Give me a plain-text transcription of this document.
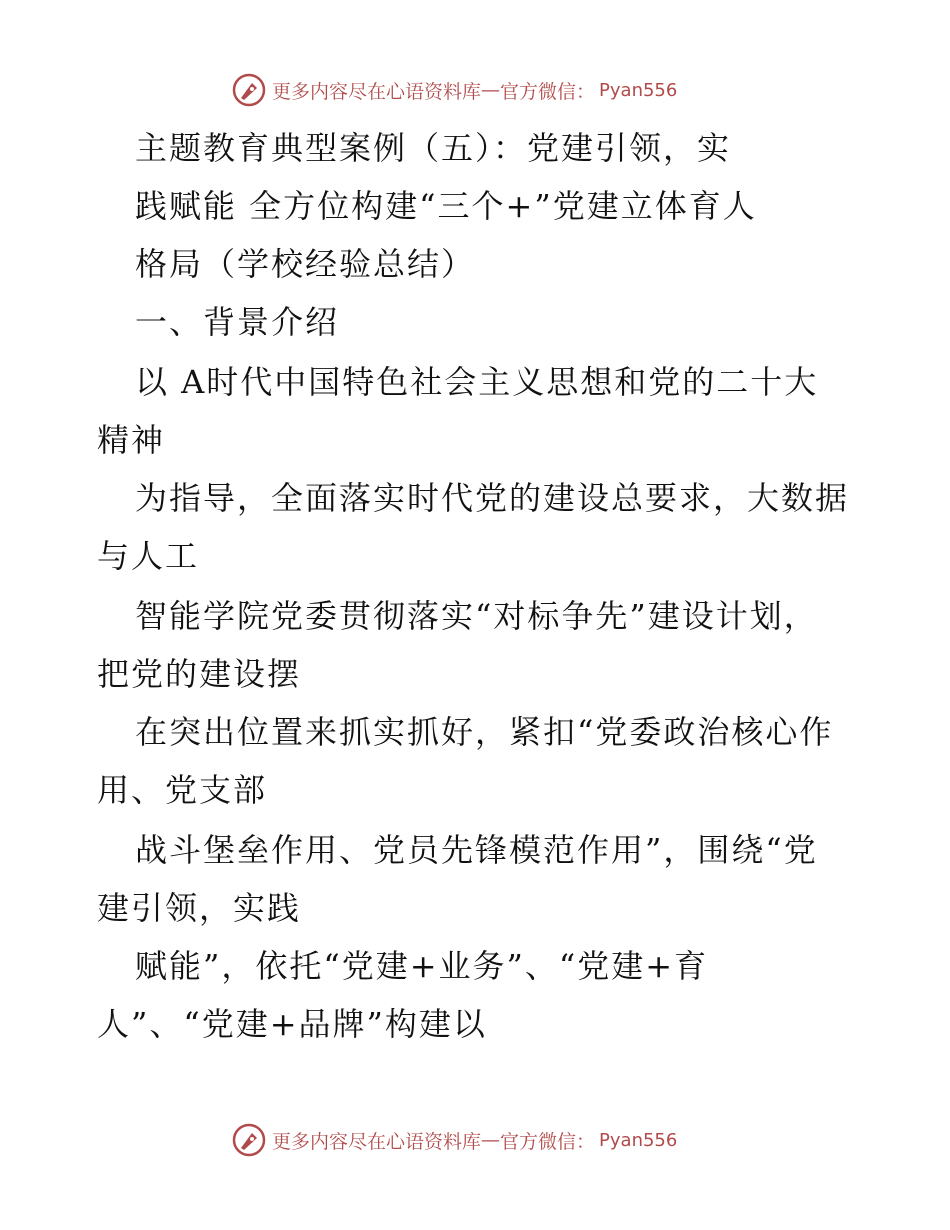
更多内容尽在心语资料库 — 官方微信： Pyan556
主题教育典型案例（五）：党建引领，实
践赋能 全方位构建“三个+”党建立体育人
格局（学校经验总结）
一、背景介绍
以 A时代中国特色社会主义思想和党的二十大
精神
为指导，全面落实时代党的建设总要求，大数据
与人工
智能学院党委贯彻落实“对标争先”建设计划，
把党的建设摆
在突出位置来抓实抓好，紧扣“党委政治核心作
用、党支部
战斗堡垒作用、党员先锋模范作用”，围绕“党
建引领，实践
赋能”，依托“党建+业务”、“党建+育
人”、“党建+品牌”构建以
更多内容尽在心语资料库 — 官方微信： Pyan556
